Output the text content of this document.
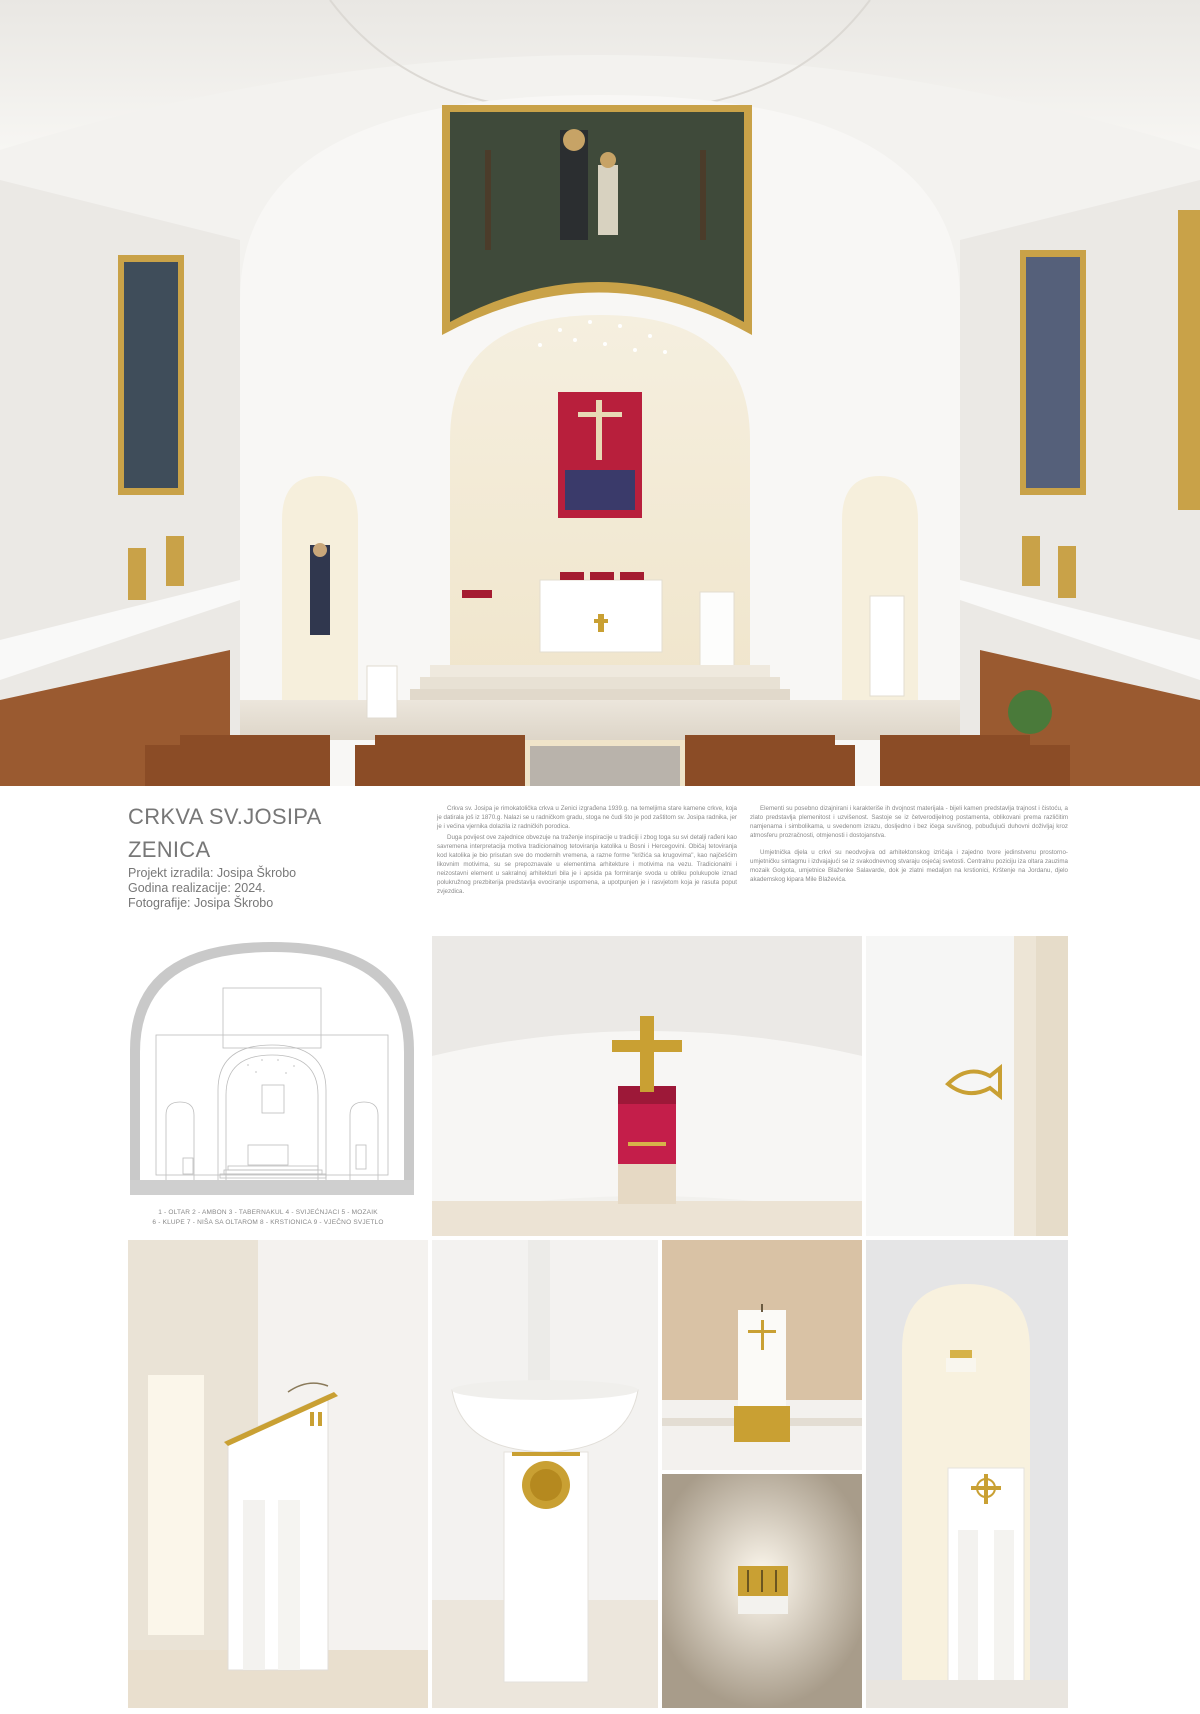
CRKVA SV.JOSIPA
ZENICA
Projekt izradila: Josipa Škrobo
Godina realizacije: 2024.
Fotografije: Josipa Škrobo

Crkva sv. Josipa je rimokatolička crkva u Zenici izgrađena 1939.g. na temeljima stare kamene crkve, koja je datirala još iz 1870.g. Nalazi se u radničkom gradu, stoga ne čudi što je pod zaštitom sv. Josipa radnika, jer je i većina vjernika dolazila iz radničkih porodica.

Duga povijest ove zajednice obvezuje na traženje inspiracije u tradiciji i zbog toga su svi detalji rađeni kao savremena interpretacija motiva tradicionalnog tetoviranja katolika u Bosni i Hercegovini. Običaj tetoviranja kod katolika je bio prisutan sve do modernih vremena, a razne forme "križića sa krugovima", kao najčešćim likovnim motivima, su se prepoznavale u elementima arhitekture i motivima na vezu. Tradicionalni i neizostavni element u sakralnoj arhitekturi bila je i apsida pa formiranje svoda u obliku polukupole iznad polukružnog prezbiterija predstavlja evociranje uspomena, a upotpunjen je i rasvjetom koja je rasuta poput zvjezdica.

Elementi su posebno dizajnirani i karakteriše ih dvojnost materijala - bijeli kamen predstavlja trajnost i čistoću, a zlato predstavlja plemenitost i uzvišenost. Sastoje se iz četverodijelnog postamenta, oblikovani prema različitim namjenama i simbolikama, u svedenom izrazu, dosljedno i bez ičega suvišnog, pobuđujući duhovni doživljaj kroz atmosferu prozračnosti, otmjenosti i dostojanstva.

Umjetnička djela u crkvi su neodvojiva od arhitektonskog izričaja i zajedno tvore jedinstvenu prostorno-umjetničku sintagmu i izdvajajući se iz svakodnevnog stvaraju osjećaj svetosti. Centralnu poziciju iza oltara zauzima mozaik Golgota, umjetnice Blaženke Salavarde, dok je zlatni medaljon na krstionici, Krštenje na Jordanu, djelo akademskog kipara Mile Blaževića.

1 - OLTAR 2 - AMBON 3 - TABERNAKUL 4 - SVIJEĆNJACI 5 - MOZAIK
6 - KLUPE 7 - NIŠA SA OLTAROM 8 - KRSTIONICA 9 - VJEČNO SVJETLO
